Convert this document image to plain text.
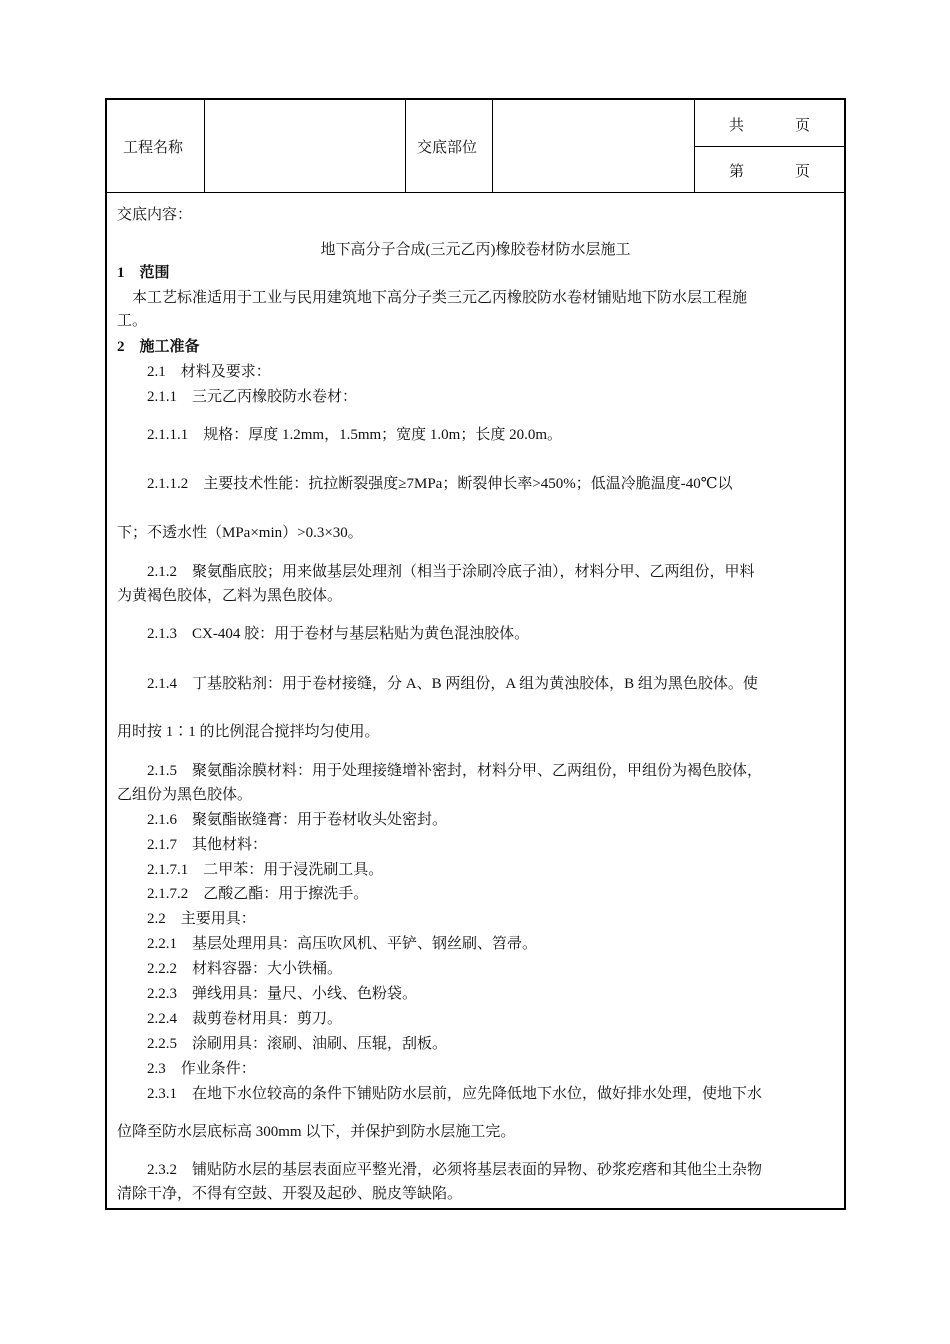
工程名称	交底部位
共	页
第	页
交底内容：
地下高分子合成(三元乙丙)橡胶卷材防水层施工
1　范围
　本工艺标准适用于工业与民用建筑地下高分子类三元乙丙橡胶防水卷材铺贴地下防水层工程施
工。
2　施工准备
2.1　材料及要求：
2.1.1　三元乙丙橡胶防水卷材：
2.1.1.1　规格：厚度 1.2mm，1.5mm；宽度 1.0m；长度 20.0m。
2.1.1.2　主要技术性能：抗拉断裂强度≥7MPa；断裂伸长率>450%；低温冷脆温度-40℃以
下；不透水性（MPa×min）>0.3×30。
2.1.2　聚氨酯底胶；用来做基层处理剂（相当于涂刷冷底子油），材料分甲、乙两组份，甲料
为黄褐色胶体，乙料为黑色胶体。
2.1.3　CX-404 胶：用于卷材与基层粘贴为黄色混浊胶体。
2.1.4　丁基胶粘剂：用于卷材接缝，分 A、B 两组份，A 组为黄浊胶体，B 组为黑色胶体。使
用时按 1∶1 的比例混合搅拌均匀使用。
2.1.5　聚氨酯涂膜材料：用于处理接缝增补密封，材料分甲、乙两组份，甲组份为褐色胶体，
乙组份为黑色胶体。
2.1.6　聚氨酯嵌缝膏：用于卷材收头处密封。
2.1.7　其他材料：
2.1.7.1　二甲苯：用于浸洗刷工具。
2.1.7.2　乙酸乙酯：用于擦洗手。
2.2　主要用具：
2.2.1　基层处理用具：高压吹风机、平铲、钢丝刷、笤帚。
2.2.2　材料容器：大小铁桶。
2.2.3　弹线用具：量尺、小线、色粉袋。
2.2.4　裁剪卷材用具：剪刀。
2.2.5　涂刷用具：滚刷、油刷、压辊，刮板。
2.3　作业条件：
2.3.1　在地下水位较高的条件下铺贴防水层前，应先降低地下水位，做好排水处理，使地下水
位降至防水层底标高 300mm 以下，并保护到防水层施工完。
2.3.2　铺贴防水层的基层表面应平整光滑，必须将基层表面的异物、砂浆疙瘩和其他尘土杂物
清除干净，不得有空鼓、开裂及起砂、脱皮等缺陷。
